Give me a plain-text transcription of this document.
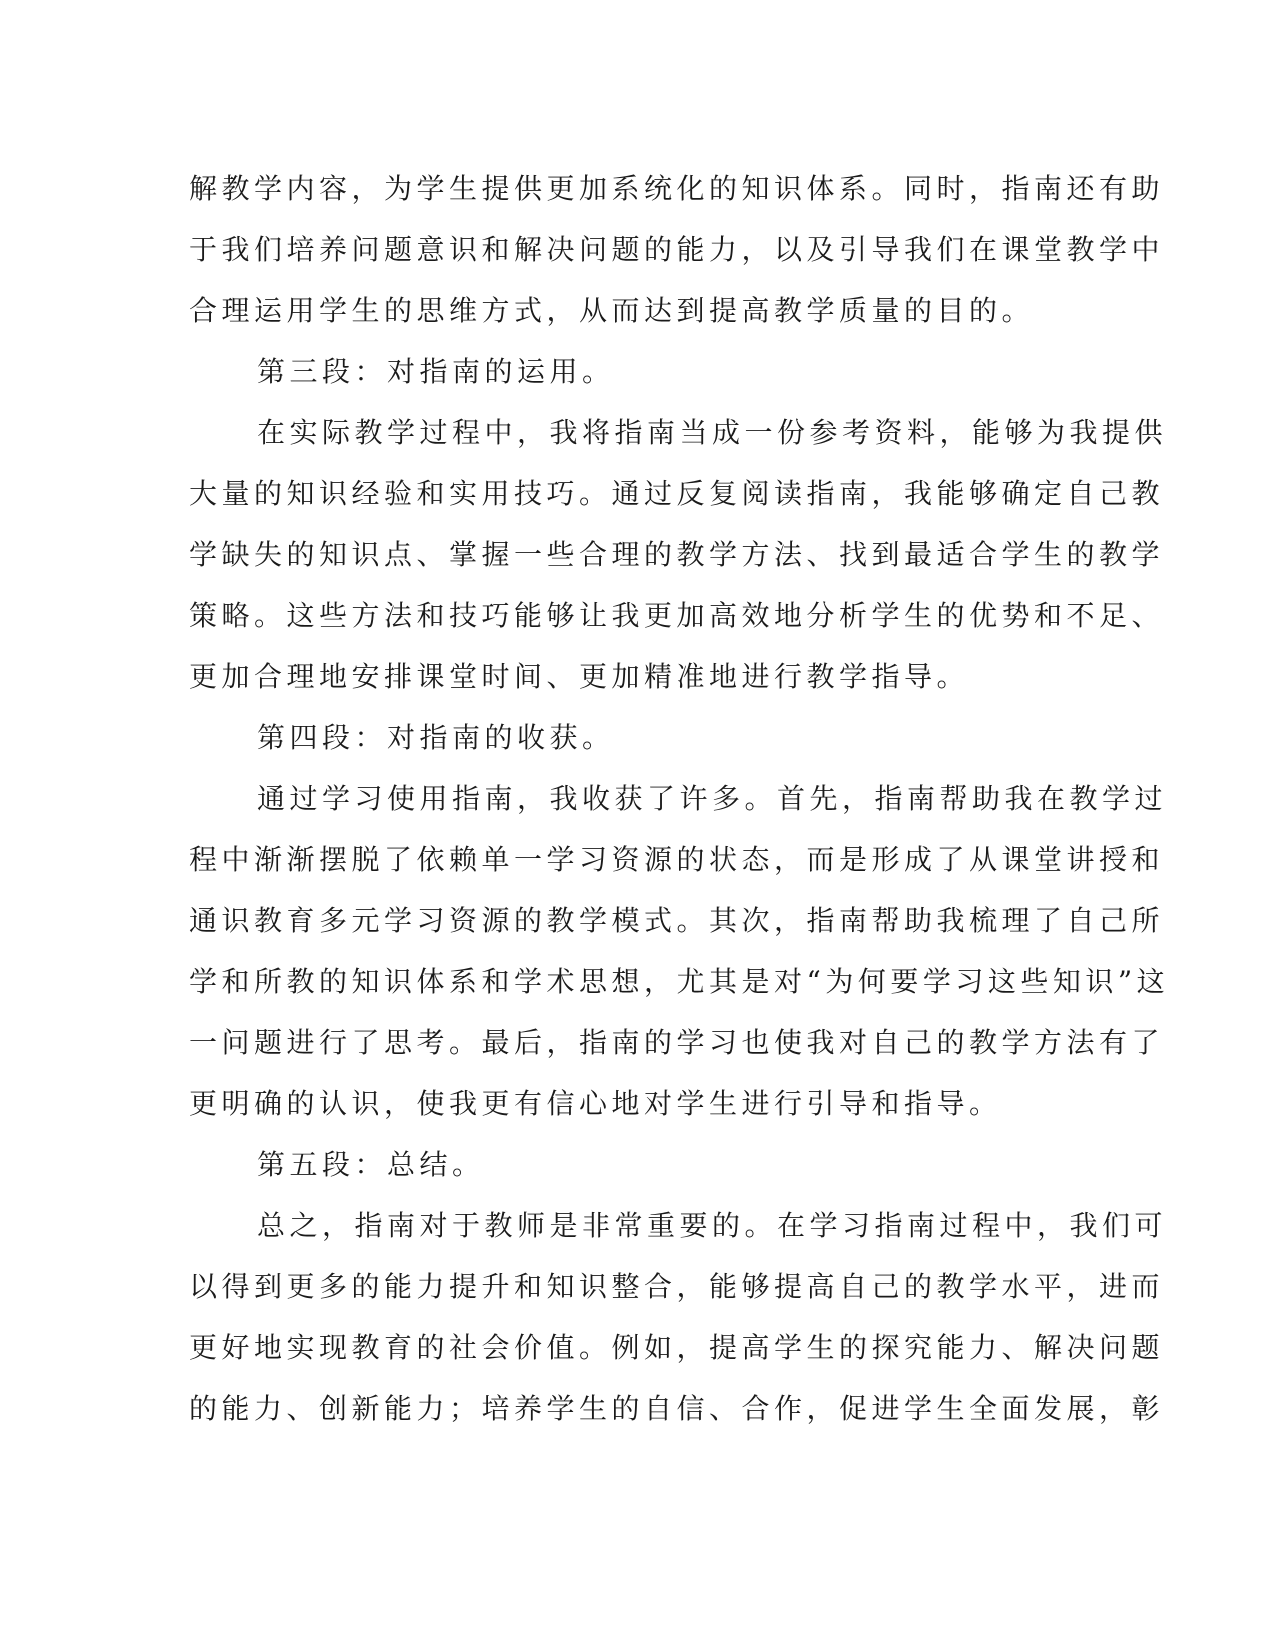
解教学内容，为学生提供更加系统化的知识体系。同时，指南还有助

于我们培养问题意识和解决问题的能力，以及引导我们在课堂教学中

合理运用学生的思维方式，从而达到提高教学质量的目的。

第三段：对指南的运用。

在实际教学过程中，我将指南当成一份参考资料，能够为我提供

大量的知识经验和实用技巧。通过反复阅读指南，我能够确定自己教

学缺失的知识点、掌握一些合理的教学方法、找到最适合学生的教学

策略。这些方法和技巧能够让我更加高效地分析学生的优势和不足、

更加合理地安排课堂时间、更加精准地进行教学指导。

第四段：对指南的收获。

通过学习使用指南，我收获了许多。首先，指南帮助我在教学过

程中渐渐摆脱了依赖单一学习资源的状态，而是形成了从课堂讲授和

通识教育多元学习资源的教学模式。其次，指南帮助我梳理了自己所

学和所教的知识体系和学术思想，尤其是对“为何要学习这些知识”这

一问题进行了思考。最后，指南的学习也使我对自己的教学方法有了

更明确的认识，使我更有信心地对学生进行引导和指导。

第五段：总结。

总之，指南对于教师是非常重要的。在学习指南过程中，我们可

以得到更多的能力提升和知识整合，能够提高自己的教学水平，进而

更好地实现教育的社会价值。例如，提高学生的探究能力、解决问题

的能力、创新能力；培养学生的自信、合作，促进学生全面发展，彰
